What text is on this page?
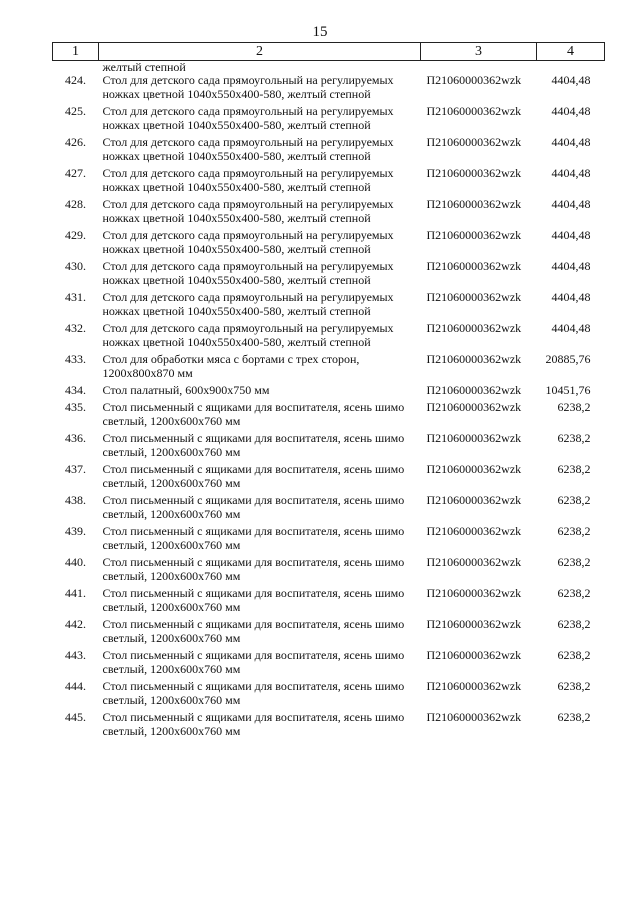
15
1	2	3	4
	желтый степной		
424.	Стол для детского сада прямоугольный на регулируемых ножках цветной 1040x550x400-580, желтый степной	П21060000362wzk	4404,48
425.	Стол для детского сада прямоугольный на регулируемых ножках цветной 1040x550x400-580, желтый степной	П21060000362wzk	4404,48
426.	Стол для детского сада прямоугольный на регулируемых ножках цветной 1040x550x400-580, желтый степной	П21060000362wzk	4404,48
427.	Стол для детского сада прямоугольный на регулируемых ножках цветной 1040x550x400-580, желтый степной	П21060000362wzk	4404,48
428.	Стол для детского сада прямоугольный на регулируемых ножках цветной 1040x550x400-580, желтый степной	П21060000362wzk	4404,48
429.	Стол для детского сада прямоугольный на регулируемых ножках цветной 1040x550x400-580, желтый степной	П21060000362wzk	4404,48
430.	Стол для детского сада прямоугольный на регулируемых ножках цветной 1040x550x400-580, желтый степной	П21060000362wzk	4404,48
431.	Стол для детского сада прямоугольный на регулируемых ножках цветной 1040x550x400-580, желтый степной	П21060000362wzk	4404,48
432.	Стол для детского сада прямоугольный на регулируемых ножках цветной 1040x550x400-580, желтый степной	П21060000362wzk	4404,48
433.	Стол для обработки мяса с бортами с трех сторон, 1200x800x870 мм	П21060000362wzk	20885,76
434.	Стол палатный, 600x900x750 мм	П21060000362wzk	10451,76
435.	Стол письменный с ящиками для воспитателя, ясень шимо светлый, 1200x600x760 мм	П21060000362wzk	6238,2
436.	Стол письменный с ящиками для воспитателя, ясень шимо светлый, 1200x600x760 мм	П21060000362wzk	6238,2
437.	Стол письменный с ящиками для воспитателя, ясень шимо светлый, 1200x600x760 мм	П21060000362wzk	6238,2
438.	Стол письменный с ящиками для воспитателя, ясень шимо светлый, 1200x600x760 мм	П21060000362wzk	6238,2
439.	Стол письменный с ящиками для воспитателя, ясень шимо светлый, 1200x600x760 мм	П21060000362wzk	6238,2
440.	Стол письменный с ящиками для воспитателя, ясень шимо светлый, 1200x600x760 мм	П21060000362wzk	6238,2
441.	Стол письменный с ящиками для воспитателя, ясень шимо светлый, 1200x600x760 мм	П21060000362wzk	6238,2
442.	Стол письменный с ящиками для воспитателя, ясень шимо светлый, 1200x600x760 мм	П21060000362wzk	6238,2
443.	Стол письменный с ящиками для воспитателя, ясень шимо светлый, 1200x600x760 мм	П21060000362wzk	6238,2
444.	Стол письменный с ящиками для воспитателя, ясень шимо светлый, 1200x600x760 мм	П21060000362wzk	6238,2
445.	Стол письменный с ящиками для воспитателя, ясень шимо светлый, 1200x600x760 мм	П21060000362wzk	6238,2
